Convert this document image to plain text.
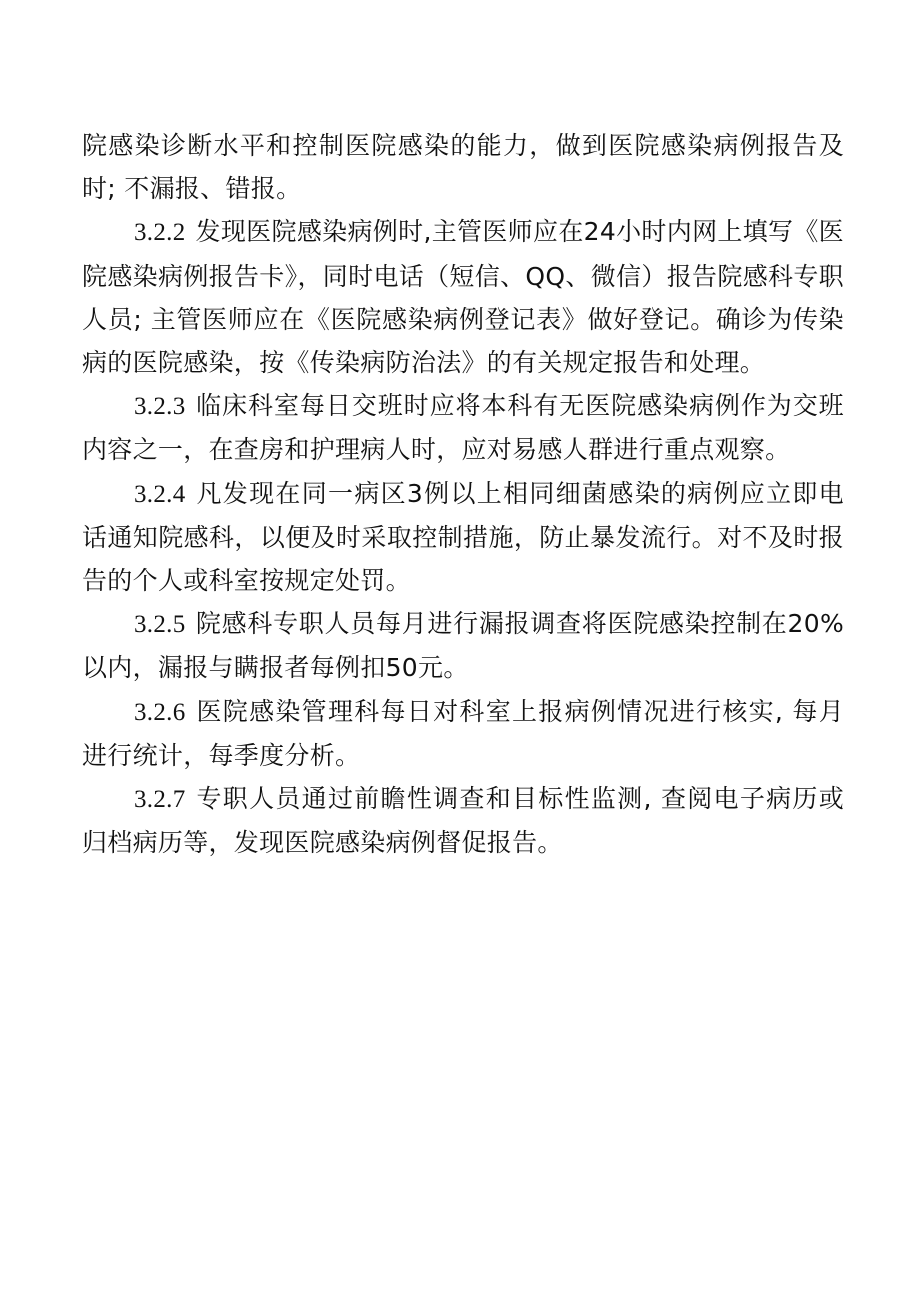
院感染诊断水平和控制医院感染的能力，做到医院感染病例报告及时; 不漏报、错报。

3.2.2 发现医院感染病例时,主管医师应在24小时内网上填写《医院感染病例报告卡》，同时电话（短信、QQ、微信）报告院感科专职人员; 主管医师应在《医院感染病例登记表》做好登记。确诊为传染病的医院感染，按《传染病防治法》的有关规定报告和处理。

3.2.3 临床科室每日交班时应将本科有无医院感染病例作为交班内容之一，在查房和护理病人时，应对易感人群进行重点观察。

3.2.4 凡发现在同一病区3例以上相同细菌感染的病例应立即电话通知院感科，以便及时采取控制措施，防止暴发流行。对不及时报告的个人或科室按规定处罚。

3.2.5 院感科专职人员每月进行漏报调查将医院感染控制在20%以内，漏报与瞒报者每例扣50元。

3.2.6 医院感染管理科每日对科室上报病例情况进行核实, 每月进行统计，每季度分析。

3.2.7 专职人员通过前瞻性调查和目标性监测, 查阅电子病历或归档病历等，发现医院感染病例督促报告。
